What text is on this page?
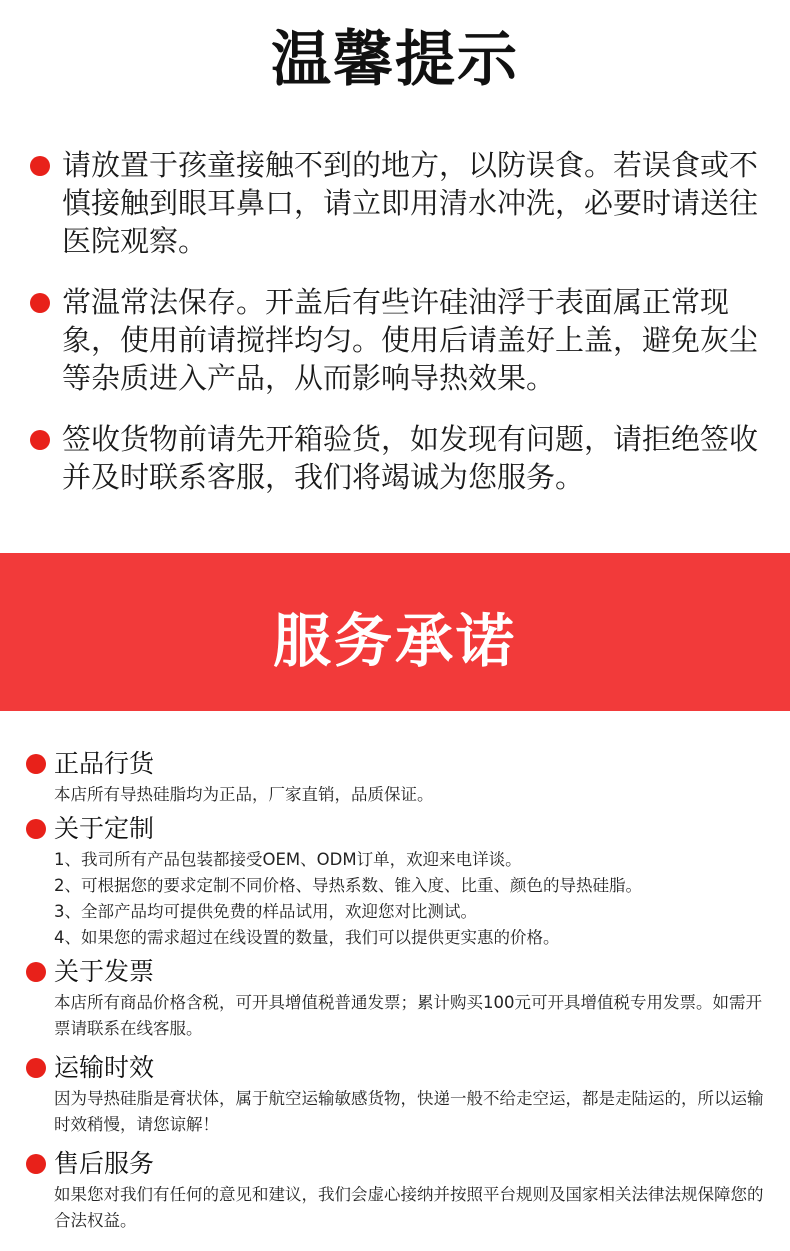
温馨提示
请放置于孩童接触不到的地方，以防误食。若误食或不慎接触到眼耳鼻口，请立即用清水冲洗，必要时请送往医院观察。
常温常法保存。开盖后有些许硅油浮于表面属正常现象，使用前请搅拌均匀。使用后请盖好上盖，避免灰尘等杂质进入产品，从而影响导热效果。
签收货物前请先开箱验货，如发现有问题，请拒绝签收并及时联系客服，我们将竭诚为您服务。
服务承诺
正品行货
本店所有导热硅脂均为正品，厂家直销，品质保证。
关于定制
1、我司所有产品包装都接受OEM、ODM订单，欢迎来电详谈。
2、可根据您的要求定制不同价格、导热系数、锥入度、比重、颜色的导热硅脂。
3、全部产品均可提供免费的样品试用，欢迎您对比测试。
4、如果您的需求超过在线设置的数量，我们可以提供更实惠的价格。
关于发票
本店所有商品价格含税，可开具增值税普通发票；累计购买100元可开具增值税专用发票。如需开票请联系在线客服。
运输时效
因为导热硅脂是膏状体，属于航空运输敏感货物，快递一般不给走空运，都是走陆运的，所以运输时效稍慢，请您谅解！
售后服务
如果您对我们有任何的意见和建议，我们会虚心接纳并按照平台规则及国家相关法律法规保障您的合法权益。
